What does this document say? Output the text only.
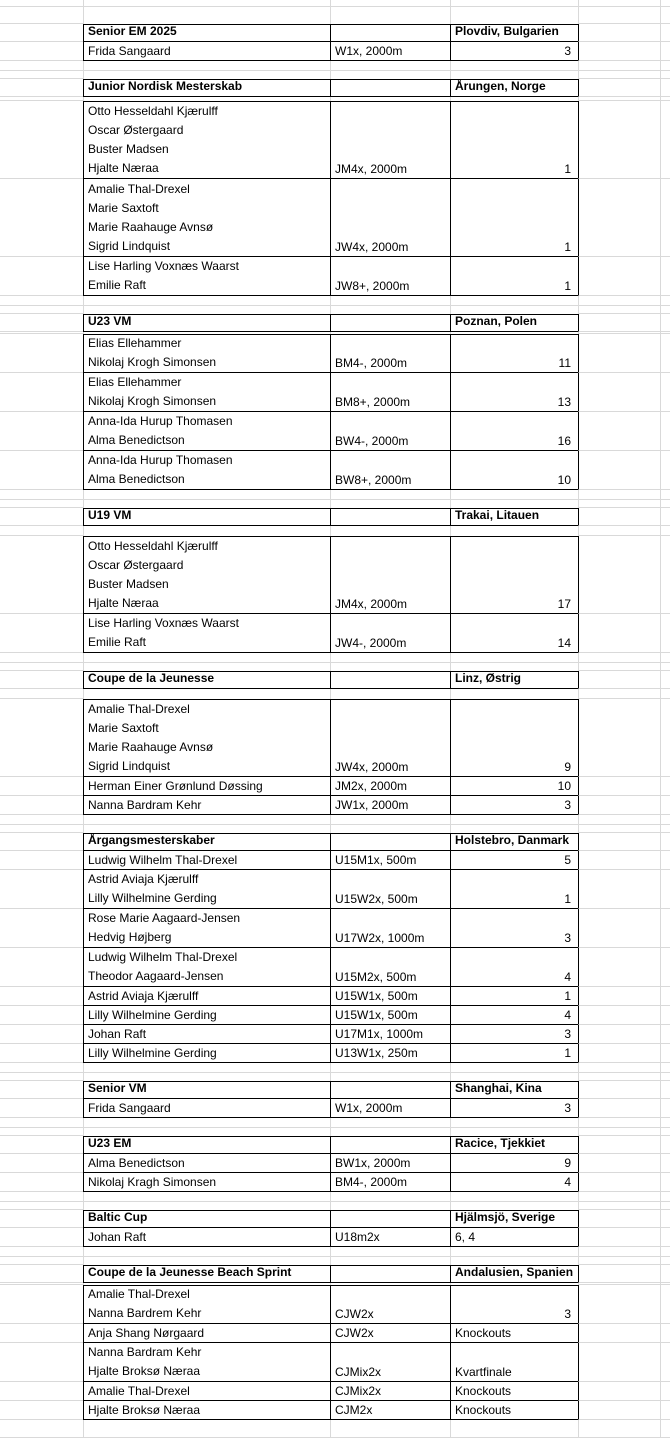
Senior EM 2025	Plovdiv, Bulgarien
Frida Sangaard	W1x, 2000m	3
Junior Nordisk Mesterskab	Årungen, Norge
Otto Hesseldahl Kjærulff
Oscar Østergaard
Buster Madsen
Hjalte Næraa	JM4x, 2000m	1
Amalie Thal-Drexel
Marie Saxtoft
Marie Raahauge Avnsø
Sigrid Lindquist	JW4x, 2000m	1
Lise Harling Voxnæs Waarst
Emilie Raft	JW8+, 2000m	1
U23 VM	Poznan, Polen
Elias Ellehammer
Nikolaj Krogh Simonsen	BM4-, 2000m	11
Elias Ellehammer
Nikolaj Krogh Simonsen	BM8+, 2000m	13
Anna-Ida Hurup Thomasen
Alma Benedictson	BW4-, 2000m	16
Anna-Ida Hurup Thomasen
Alma Benedictson	BW8+, 2000m	10
U19 VM	Trakai, Litauen
Otto Hesseldahl Kjærulff
Oscar Østergaard
Buster Madsen
Hjalte Næraa	JM4x, 2000m	17
Lise Harling Voxnæs Waarst
Emilie Raft	JW4-, 2000m	14
Coupe de la Jeunesse	Linz, Østrig
Amalie Thal-Drexel
Marie Saxtoft
Marie Raahauge Avnsø
Sigrid Lindquist	JW4x, 2000m	9
Herman Einer Grønlund Døssing	JM2x, 2000m	10
Nanna Bardram Kehr	JW1x, 2000m	3
Årgangsmesterskaber	Holstebro, Danmark
Ludwig Wilhelm Thal-Drexel	U15M1x, 500m	5
Astrid Aviaja Kjærulff
Lilly Wilhelmine Gerding	U15W2x, 500m	1
Rose Marie Aagaard-Jensen
Hedvig Højberg	U17W2x, 1000m	3
Ludwig Wilhelm Thal-Drexel
Theodor Aagaard-Jensen	U15M2x, 500m	4
Astrid Aviaja Kjærulff	U15W1x, 500m	1
Lilly Wilhelmine Gerding	U15W1x, 500m	4
Johan Raft	U17M1x, 1000m	3
Lilly Wilhelmine Gerding	U13W1x, 250m	1
Senior VM	Shanghai, Kina
Frida Sangaard	W1x, 2000m	3
U23 EM	Racice, Tjekkiet
Alma Benedictson	BW1x, 2000m	9
Nikolaj Kragh Simonsen	BM4-, 2000m	4
Baltic Cup	Hjälmsjö, Sverige
Johan Raft	U18m2x	6, 4
Coupe de la Jeunesse Beach Sprint	Andalusien, Spanien
Amalie Thal-Drexel
Nanna Bardrem Kehr	CJW2x	3
Anja Shang Nørgaard	CJW2x	Knockouts
Nanna Bardram Kehr
Hjalte Broksø Næraa	CJMix2x	Kvartfinale
Amalie Thal-Drexel	CJMix2x	Knockouts
Hjalte Broksø Næraa	CJM2x	Knockouts
